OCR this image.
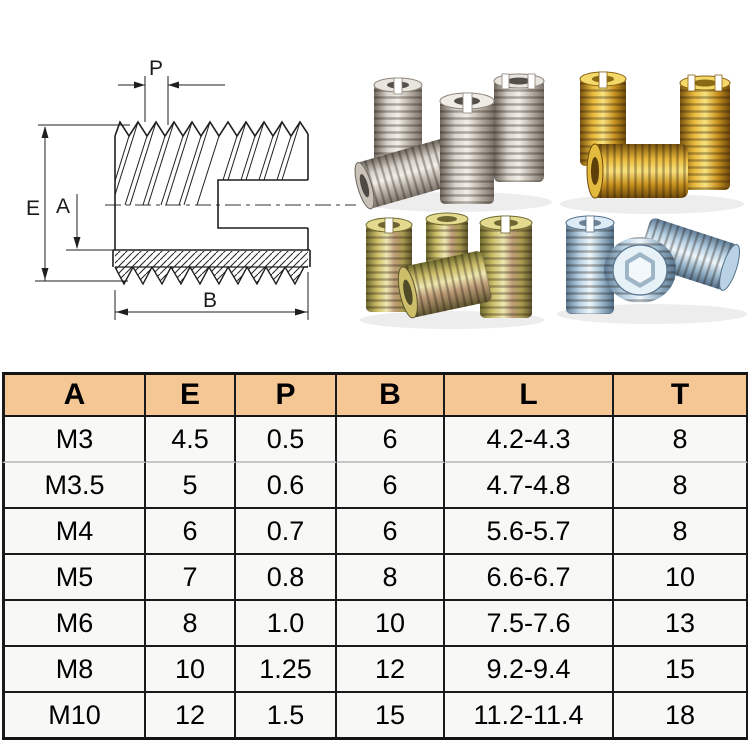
P
E A
B
A	E	P	B	L	T
M3	4.5	0.5	6	4.2-4.3	8
M3.5	5	0.6	6	4.7-4.8	8
M4	6	0.7	6	5.6-5.7	8
M5	7	0.8	8	6.6-6.7	10
M6	8	1.0	10	7.5-7.6	13
M8	10	1.25	12	9.2-9.4	15
M10	12	1.5	15	11.2-11.4	18
